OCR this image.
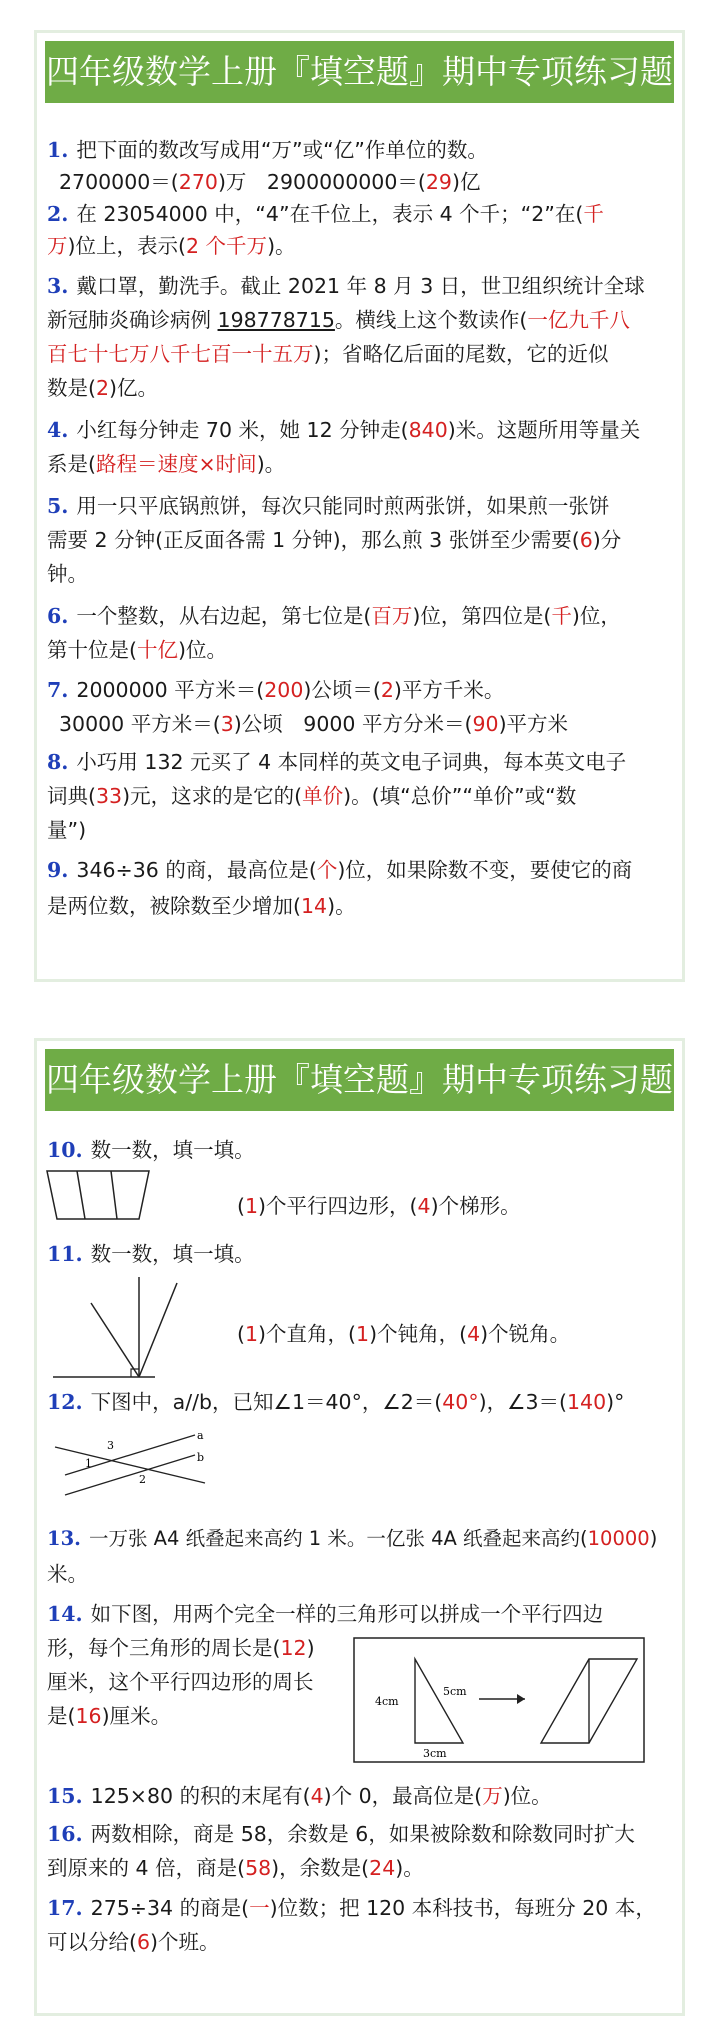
四年级数学上册『填空题』期中专项练习题
1. 把下面的数改写成用“万”或“亿”作单位的数。
2700000＝(270)万　2900000000＝(29)亿
2. 在 23054000 中，“4”在千位上，表示 4 个千；“2”在(千
万)位上，表示(2 个千万)。
3. 戴口罩，勤洗手。截止 2021 年 8 月 3 日，世卫组织统计全球
新冠肺炎确诊病例 198778715。横线上这个数读作(一亿九千八
百七十七万八千七百一十五万)；省略亿后面的尾数，它的近似
数是(2)亿。
4. 小红每分钟走 70 米，她 12 分钟走(840)米。这题所用等量关
系是(路程＝速度×时间)。
5. 用一只平底锅煎饼，每次只能同时煎两张饼，如果煎一张饼
需要 2 分钟(正反面各需 1 分钟)，那么煎 3 张饼至少需要(6)分
钟。
6. 一个整数，从右边起，第七位是(百万)位，第四位是(千)位，
第十位是(十亿)位。
7. 2000000 平方米＝(200)公顷＝(2)平方千米。
30000 平方米＝(3)公顷　9000 平方分米＝(90)平方米
8. 小巧用 132 元买了 4 本同样的英文电子词典，每本英文电子
词典(33)元，这求的是它的(单价)。(填“总价”“单价”或“数
量”)
9. 346÷36 的商，最高位是(个)位，如果除数不变，要使它的商
是两位数，被除数至少增加(14)。
四年级数学上册『填空题』期中专项练习题
10. 数一数，填一填。
(1)个平行四边形，(4)个梯形。
11. 数一数，填一填。
(1)个直角，(1)个钝角，(4)个锐角。
12. 下图中，a//b，已知∠1＝40°，∠2＝(40°)，∠3＝(140)°
a
b
1
2
3
13. 一万张 A4 纸叠起来高约 1 米。一亿张 4A 纸叠起来高约(10000)
米。
14. 如下图，用两个完全一样的三角形可以拼成一个平行四边
形，每个三角形的周长是(12)
厘米，这个平行四边形的周长
是(16)厘米。
4cm
5cm
3cm
15. 125×80 的积的末尾有(4)个 0，最高位是(万)位。
16. 两数相除，商是 58，余数是 6，如果被除数和除数同时扩大
到原来的 4 倍，商是(58)，余数是(24)。
17. 275÷34 的商是(一)位数；把 120 本科技书，每班分 20 本，
可以分给(6)个班。
